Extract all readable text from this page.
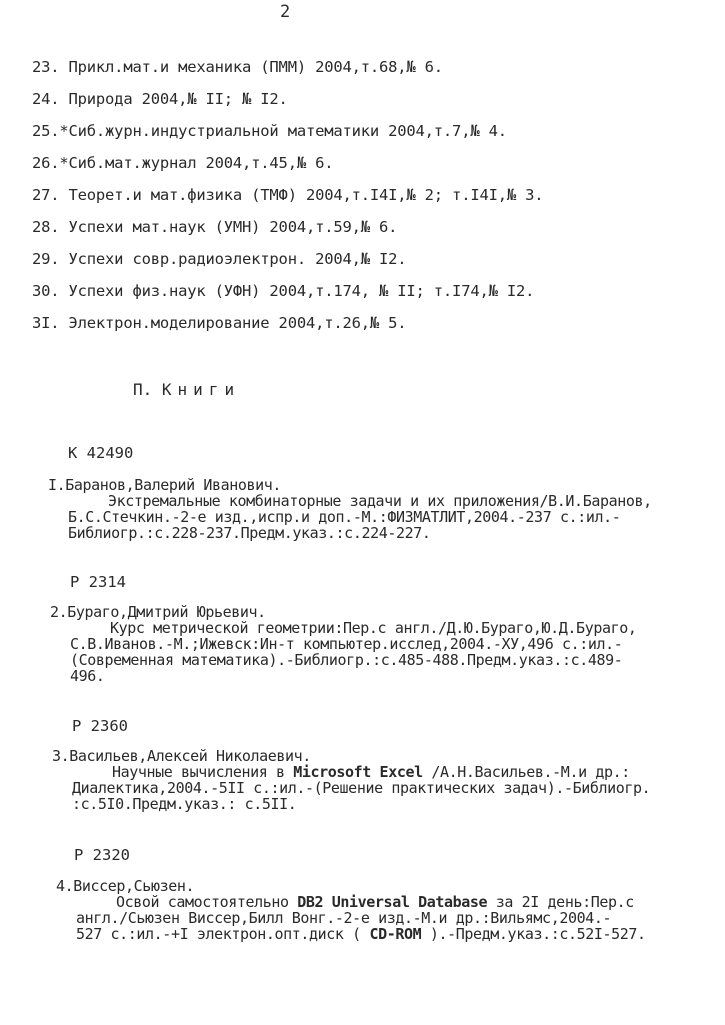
2
23. Прикл.мат.и механика (ПММ) 2004,т.68,№ 6.
24. Природа 2004,№ II; № I2.
25.*Сиб.журн.индустриальной математики 2004,т.7,№ 4.
26.*Сиб.мат.журнал 2004,т.45,№ 6.
27. Теорет.и мат.физика (ТМФ) 2004,т.I4I,№ 2; т.I4I,№ 3.
28. Успехи мат.наук (УМН) 2004,т.59,№ 6.
29. Успехи совр.радиоэлектрон. 2004,№ I2.
30. Успехи физ.наук (УФН) 2004,т.174, № II; т.I74,№ I2.
3I. Электрон.моделирование 2004,т.26,№ 5.
П. Книги
К 42490
I.Баранов,Валерий Иванович.
Экстремальные комбинаторные задачи и их приложения/В.И.Баранов,
Б.С.Стечкин.-2-е изд.,испр.и доп.-М.:ФИЗМАТЛИТ,2004.-237 с.:ил.-
Библиогр.:с.228-237.Предм.указ.:с.224-227.
Р 2314
2.Бураго,Дмитрий Юрьевич.
Курс метрической геометрии:Пер.с англ./Д.Ю.Бураго,Ю.Д.Бураго,
С.В.Иванов.-М.;Ижевск:Ин-т компьютер.исслед,2004.-ХУ,496 с.:ил.-
(Современная математика).-Библиогр.:с.485-488.Предм.указ.:с.489-
496.
Р 2360
3.Васильев,Алексей Николаевич.
Научные вычисления в Microsoft Excel /А.Н.Васильев.-М.и др.:
Диалектика,2004.-5II с.:ил.-(Решение практических задач).-Библиогр.
:с.5I0.Предм.указ.: с.5II.
Р 2320
4.Виссер,Сьюзен.
Освой самостоятельно DB2 Universal Database за 2I день:Пер.с
англ./Сьюзен Виссер,Билл Вонг.-2-е изд.-М.и др.:Вильямс,2004.-
527 с.:ил.-+I электрон.опт.диск ( CD-ROM ).-Предм.указ.:с.52I-527.
